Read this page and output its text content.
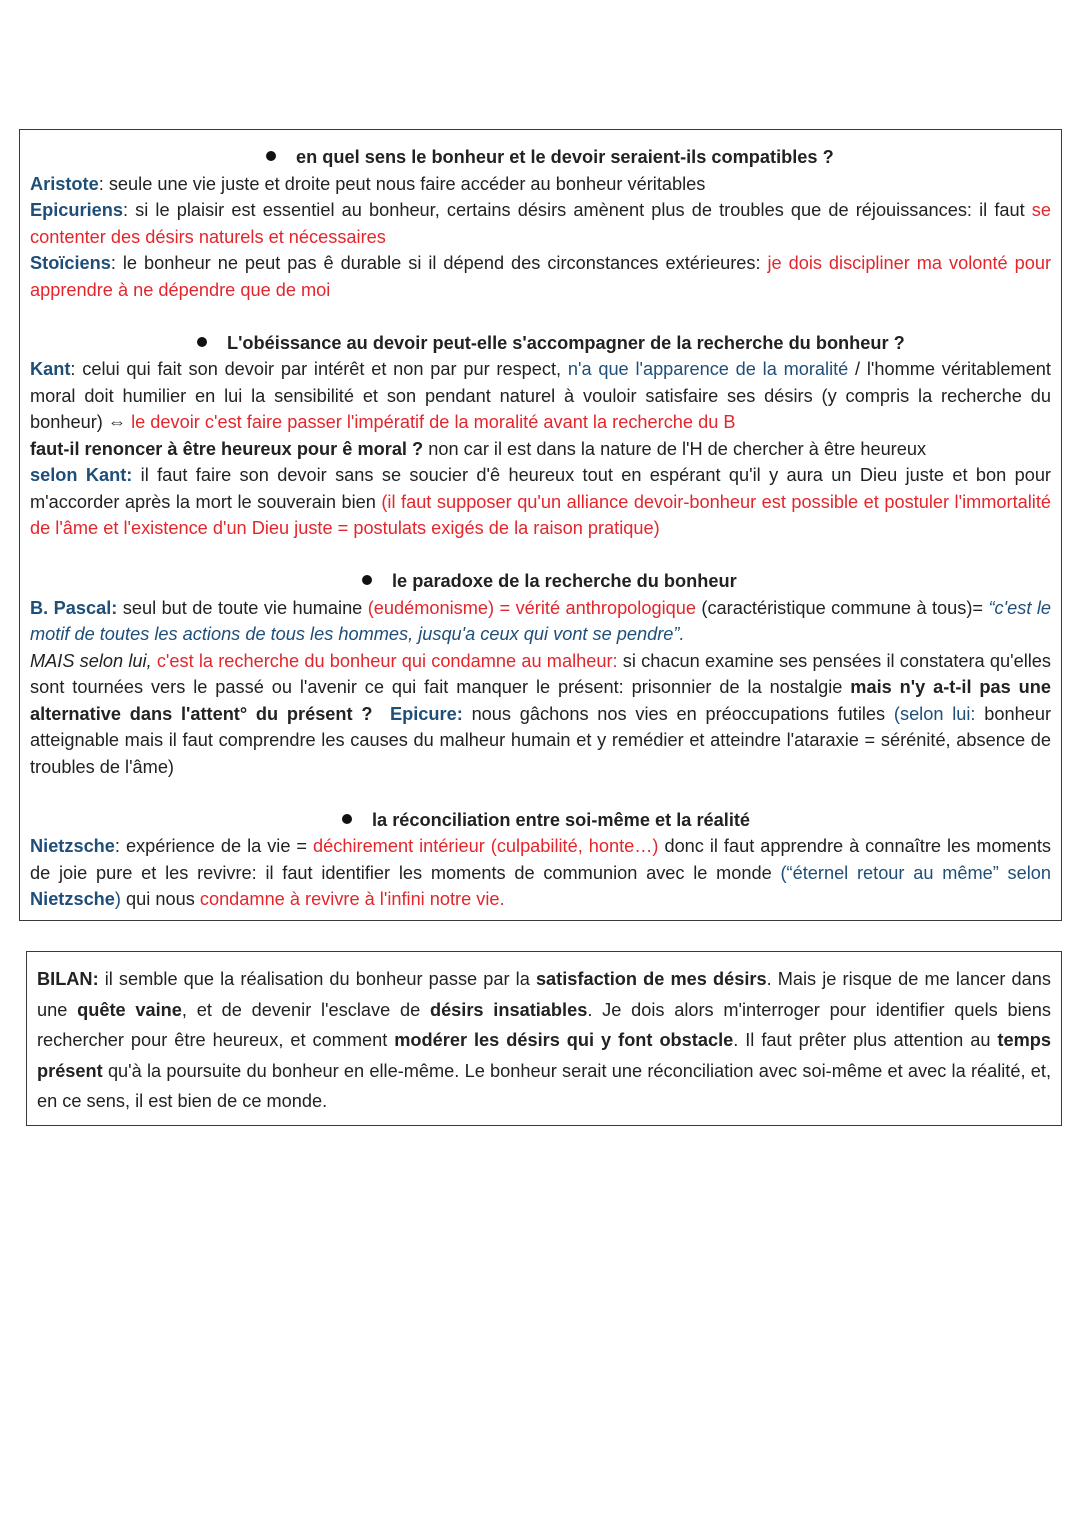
en quel sens le bonheur et le devoir seraient-ils compatibles ?
Aristote: seule une vie juste et droite peut nous faire accéder au bonheur véritables
Epicuriens: si le plaisir est essentiel au bonheur, certains désirs amènent plus de troubles que de réjouissances: il faut se contenter des désirs naturels et nécessaires
Stoïciens: le bonheur ne peut pas ê durable si il dépend des circonstances extérieures: je dois discipliner ma volonté pour apprendre à ne dépendre que de moi
L'obéissance au devoir peut-elle s'accompagner de la recherche du bonheur ?
Kant: celui qui fait son devoir par intérêt et non par pur respect, n'a que l'apparence de la moralité / l'homme véritablement moral doit humilier en lui la sensibilité et son pendant naturel à vouloir satisfaire ses désirs (y compris la recherche du bonheur) ⇔ le devoir c'est faire passer l'impératif de la moralité avant la recherche du B
faut-il renoncer à être heureux pour ê moral ? non car il est dans la nature de l'H de chercher à être heureux
selon Kant: il faut faire son devoir sans se soucier d'ê heureux tout en espérant qu'il y aura un Dieu juste et bon pour m'accorder après la mort le souverain bien (il faut supposer qu'un alliance devoir-bonheur est possible et postuler l'immortalité de l'âme et l'existence d'un Dieu juste = postulats exigés de la raison pratique)
le paradoxe de la recherche du bonheur
B. Pascal: seul but de toute vie humaine (eudémonisme) = vérité anthropologique (caractéristique commune à tous)= “c'est le motif de toutes les actions de tous les hommes, jusqu'a ceux qui vont se pendre”.
MAIS selon lui, c'est la recherche du bonheur qui condamne au malheur: si chacun examine ses pensées il constatera qu'elles sont tournées vers le passé ou l'avenir ce qui fait manquer le présent: prisonnier de la nostalgie mais n'y a-t-il pas une alternative dans l'attent° du présent ? Epicure: nous gâchons nos vies en préoccupations futiles (selon lui: bonheur atteignable mais il faut comprendre les causes du malheur humain et y remédier et atteindre l'ataraxie = sérénité, absence de troubles de l'âme)
la réconciliation entre soi-même et la réalité
Nietzsche: expérience de la vie = déchirement intérieur (culpabilité, honte…) donc il faut apprendre à connaître les moments de joie pure et les revivre: il faut identifier les moments de communion avec le monde (“éternel retour au même” selon Nietzsche) qui nous condamne à revivre à l'infini notre vie.
BILAN: il semble que la réalisation du bonheur passe par la satisfaction de mes désirs. Mais je risque de me lancer dans une quête vaine, et de devenir l'esclave de désirs insatiables. Je dois alors m'interroger pour identifier quels biens rechercher pour être heureux, et comment modérer les désirs qui y font obstacle. Il faut prêter plus attention au temps présent qu'à la poursuite du bonheur en elle-même. Le bonheur serait une réconciliation avec soi-même et avec la réalité, et, en ce sens, il est bien de ce monde.
